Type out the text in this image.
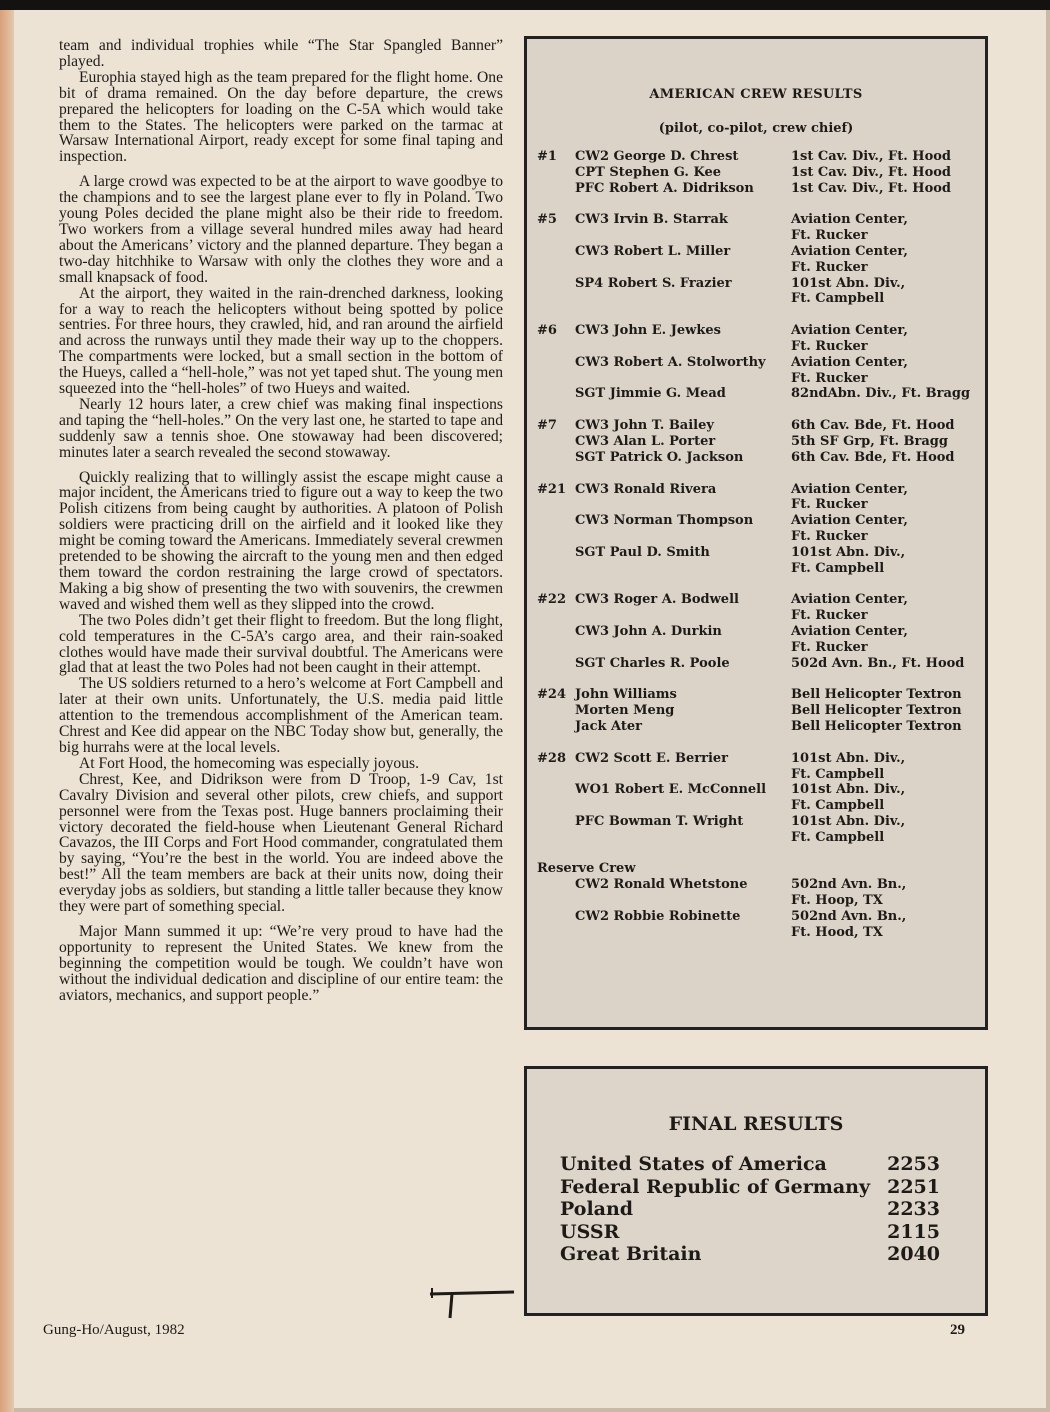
team and individual trophies while “The Star Spangled Banner” played.

Europhia stayed high as the team prepared for the flight home. One bit of drama remained. On the day before departure, the crews prepared the helicopters for loading on the C-5A which would take them to the States. The helicopters were parked on the tarmac at Warsaw International Airport, ready except for some final taping and inspection.

A large crowd was expected to be at the airport to wave goodbye to the champions and to see the largest plane ever to fly in Poland. Two young Poles decided the plane might also be their ride to freedom. Two workers from a village several hundred miles away had heard about the Americans’ victory and the planned departure. They began a two-day hitchhike to Warsaw with only the clothes they wore and a small knapsack of food.

At the airport, they waited in the rain-drenched darkness, looking for a way to reach the helicopters without being spotted by police sentries. For three hours, they crawled, hid, and ran around the airfield and across the runways until they made their way up to the choppers. The compartments were locked, but a small section in the bottom of the Hueys, called a “hell-hole,” was not yet taped shut. The young men squeezed into the “hell-holes” of two Hueys and waited.

Nearly 12 hours later, a crew chief was making final inspections and taping the “hell-holes.” On the very last one, he started to tape and suddenly saw a tennis shoe. One stowaway had been discovered; minutes later a search revealed the second stowaway.

Quickly realizing that to willingly assist the escape might cause a major incident, the Americans tried to figure out a way to keep the two Polish citizens from being caught by authorities. A platoon of Polish soldiers were practicing drill on the airfield and it looked like they might be coming toward the Americans. Immediately several crewmen pretended to be showing the aircraft to the young men and then edged them toward the cordon restraining the large crowd of spectators. Making a big show of presenting the two with souvenirs, the crewmen waved and wished them well as they slipped into the crowd.

The two Poles didn’t get their flight to freedom. But the long flight, cold temperatures in the C-5A’s cargo area, and their rain-soaked clothes would have made their survival doubtful. The Americans were glad that at least the two Poles had not been caught in their attempt.

The US soldiers returned to a hero’s welcome at Fort Campbell and later at their own units. Unfortunately, the U.S. media paid little attention to the tremendous accomplishment of the American team. Chrest and Kee did appear on the NBC Today show but, generally, the big hurrahs were at the local levels.

At Fort Hood, the homecoming was especially joyous.

Chrest, Kee, and Didrikson were from D Troop, 1-9 Cav, 1st Cavalry Division and several other pilots, crew chiefs, and support personnel were from the Texas post. Huge banners proclaiming their victory decorated the field-house when Lieutenant General Richard Cavazos, the III Corps and Fort Hood commander, congratulated them by saying, “You’re the best in the world. You are indeed above the best!” All the team members are back at their units now, doing their everyday jobs as soldiers, but standing a little taller because they know they were part of something special.

Major Mann summed it up: “We’re very proud to have had the opportunity to represent the United States. We knew from the beginning the competition would be tough. We couldn’t have won without the individual dedication and discipline of our entire team: the aviators, mechanics, and support people.”

AMERICAN CREW RESULTS
(pilot, co-pilot, crew chief)
#1	CW2 George D. Chrest	1st Cav. Div., Ft. Hood
CPT Stephen G. Kee	1st Cav. Div., Ft. Hood
PFC Robert A. Didrikson	1st Cav. Div., Ft. Hood
#5	CW3 Irvin B. Starrak	Aviation Center,
Ft. Rucker
CW3 Robert L. Miller	Aviation Center,
Ft. Rucker
SP4 Robert S. Frazier	101st Abn. Div.,
Ft. Campbell
#6	CW3 John E. Jewkes	Aviation Center,
Ft. Rucker
CW3 Robert A. Stolworthy	Aviation Center,
Ft. Rucker
SGT Jimmie G. Mead	82ndAbn. Div., Ft. Bragg
#7	CW3 John T. Bailey	6th Cav. Bde, Ft. Hood
CW3 Alan L. Porter	5th SF Grp, Ft. Bragg
SGT Patrick O. Jackson	6th Cav. Bde, Ft. Hood
#21 CW3 Ronald Rivera	Aviation Center,
Ft. Rucker
CW3 Norman Thompson	Aviation Center,
Ft. Rucker
SGT Paul D. Smith	101st Abn. Div.,
Ft. Campbell
#22 CW3 Roger A. Bodwell	Aviation Center,
Ft. Rucker
CW3 John A. Durkin	Aviation Center,
Ft. Rucker
SGT Charles R. Poole	502d Avn. Bn., Ft. Hood
#24 John Williams	Bell Helicopter Textron
Morten Meng	Bell Helicopter Textron
Jack Ater	Bell Helicopter Textron
#28 CW2 Scott E. Berrier	101st Abn. Div.,
Ft. Campbell
WO1 Robert E. McConnell	101st Abn. Div.,
Ft. Campbell
PFC Bowman T. Wright	101st Abn. Div.,
Ft. Campbell
Reserve Crew
CW2 Ronald Whetstone	502nd Avn. Bn.,
Ft. Hoop, TX
CW2 Robbie Robinette	502nd Avn. Bn.,
Ft. Hood, TX
FINAL RESULTS
United States of America	2253
Federal Republic of Germany 2251
Poland	2233
USSR	2115
Great Britain	2040
Gung-Ho/August, 1982	29
